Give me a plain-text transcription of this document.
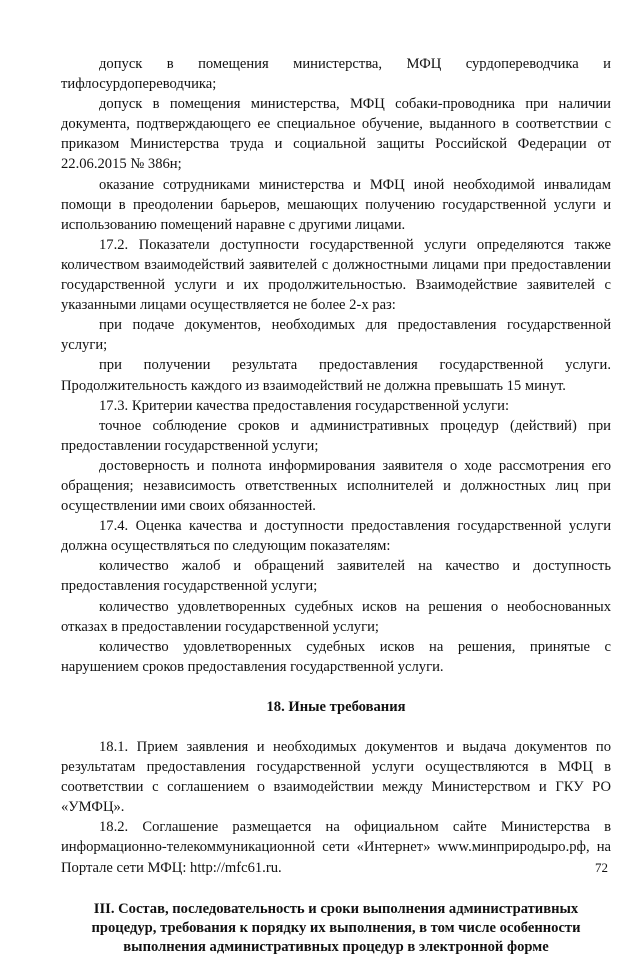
допуск в помещения министерства, МФЦ сурдопереводчика и тифлосурдопереводчика;

допуск в помещения министерства, МФЦ собаки-проводника при наличии документа, подтверждающего ее специальное обучение, выданного в соответствии с приказом Министерства труда и социальной защиты Российской Федерации от 22.06.2015 № 386н;

оказание сотрудниками министерства и МФЦ иной необходимой инвалидам помощи в преодолении барьеров, мешающих получению государственной услуги и использованию помещений наравне с другими лицами.

17.2. Показатели доступности государственной услуги определяются также количеством взаимодействий заявителей с должностными лицами при предоставлении государственной услуги и их продолжительностью. Взаимодействие заявителей с указанными лицами осуществляется не более 2-х раз:

при подаче документов, необходимых для предоставления государственной услуги;

при получении результата предоставления государственной услуги. Продолжительность каждого из взаимодействий не должна превышать 15 минут.

17.3. Критерии качества предоставления государственной услуги:

точное соблюдение сроков и административных процедур (действий) при предоставлении государственной услуги;

достоверность и полнота информирования заявителя о ходе рассмотрения его обращения; независимость ответственных исполнителей и должностных лиц при осуществлении ими своих обязанностей.

17.4. Оценка качества и доступности предоставления государственной услуги должна осуществляться по следующим показателям:

количество жалоб и обращений заявителей на качество и доступность предоставления государственной услуги;

количество удовлетворенных судебных исков на решения о необоснованных отказах в предоставлении государственной услуги;

количество удовлетворенных судебных исков на решения, принятые с нарушением сроков предоставления государственной услуги.

18. Иные требования

18.1. Прием заявления и необходимых документов и выдача документов по результатам предоставления государственной услуги осуществляются в МФЦ в соответствии с соглашением о взаимодействии между Министерством и ГКУ РО «УМФЦ».

18.2. Соглашение размещается на официальном сайте Министерства в информационно-телекоммуникационной сети «Интернет» www.минприродыро.рф, на Портале сети МФЦ: http://mfc61.ru.

III. Состав, последовательность и сроки выполнения административных процедур, требования к порядку их выполнения, в том числе особенности выполнения административных процедур в электронной форме

72
